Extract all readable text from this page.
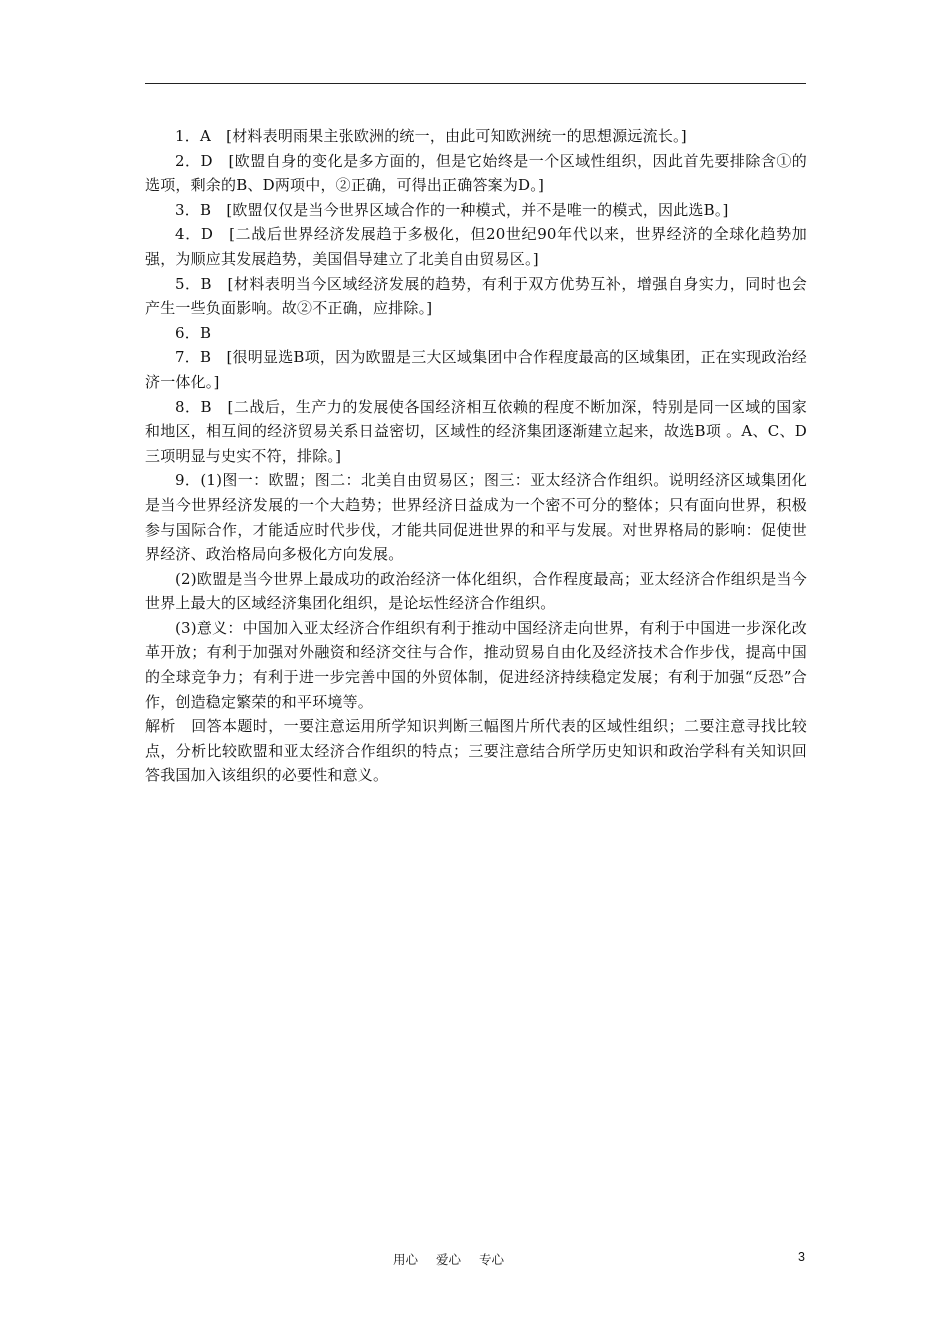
1．A　[材料表明雨果主张欧洲的统一，由此可知欧洲统一的思想源远流长。]

2．D　[欧盟自身的变化是多方面的，但是它始终是一个区域性组织，因此首先要排除含①的选项，剩余的B、D两项中，②正确，可得出正确答案为D。]

3．B　[欧盟仅仅是当今世界区域合作的一种模式，并不是唯一的模式，因此选B。]

4．D　[二战后世界经济发展趋于多极化，但20世纪90年代以来，世界经济的全球化趋势加强，为顺应其发展趋势，美国倡导建立了北美自由贸易区。]

5．B　[材料表明当今区域经济发展的趋势，有利于双方优势互补，增强自身实力，同时也会产生一些负面影响。故②不正确，应排除。]

6．B

7．B　[很明显选B项，因为欧盟是三大区域集团中合作程度最高的区域集团，正在实现政治经济一体化。]

8．B　[二战后，生产力的发展使各国经济相互依赖的程度不断加深，特别是同一区域的国家和地区，相互间的经济贸易关系日益密切，区域性的经济集团逐渐建立起来，故选B项 。A、C、D三项明显与史实不符，排除。]

9．(1)图一：欧盟；图二：北美自由贸易区；图三：亚太经济合作组织。说明经济区域集团化是当今世界经济发展的一个大趋势；世界经济日益成为一个密不可分的整体；只有面向世界，积极参与国际合作，才能适应时代步伐，才能共同促进世界的和平与发展。对世界格局的影响：促使世界经济、政治格局向多极化方向发展。

(2)欧盟是当今世界上最成功的政治经济一体化组织，合作程度最高；亚太经济合作组织是当今世界上最大的区域经济集团化组织，是论坛性经济合作组织。

(3)意义：中国加入亚太经济合作组织有利于推动中国经济走向世界，有利于中国进一步深化改革开放；有利于加强对外融资和经济交往与合作，推动贸易自由化及经济技术合作步伐，提高中国的全球竞争力；有利于进一步完善中国的外贸体制，促进经济持续稳定发展；有利于加强“反恐”合作，创造稳定繁荣的和平环境等。

解析　回答本题时，一要注意运用所学知识判断三幅图片所代表的区域性组织；二要注意寻找比较点，分析比较欧盟和亚太经济合作组织的特点；三要注意结合所学历史知识和政治学科有关知识回答我国加入该组织的必要性和意义。

用心 爱心 专心	3
